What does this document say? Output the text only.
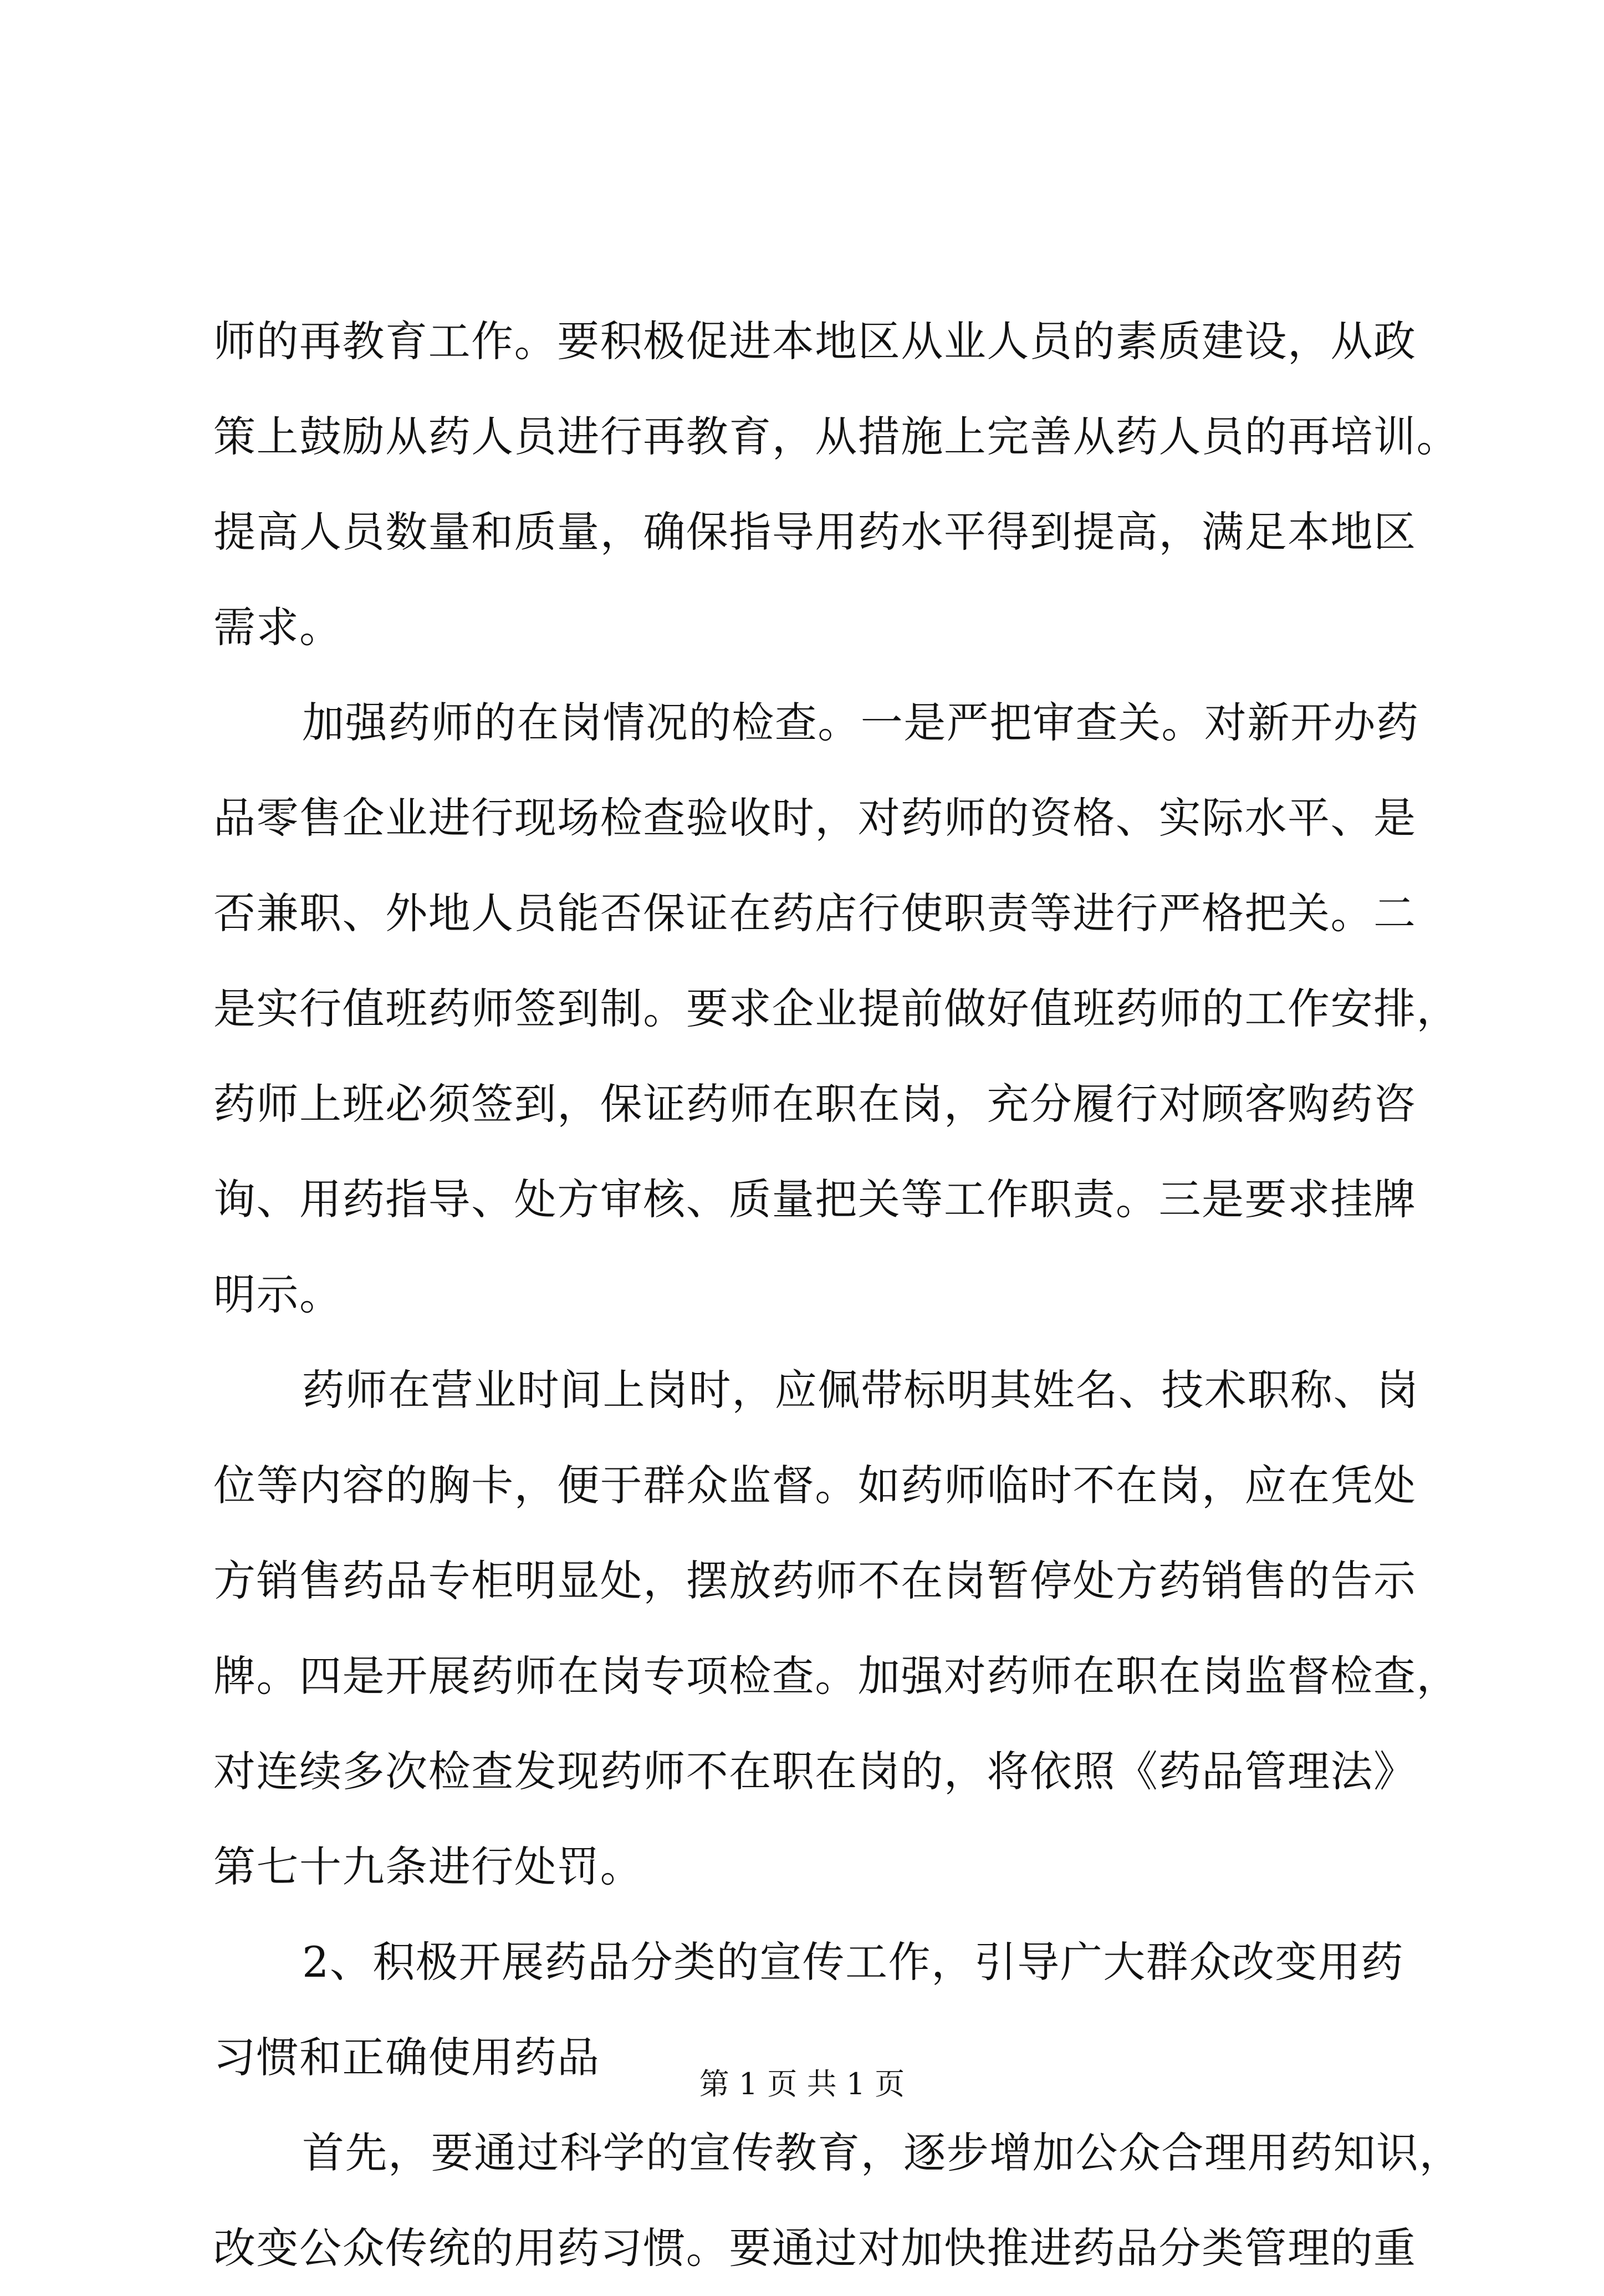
师的再教育工作。要积极促进本地区从业人员的素质建设，从政
策上鼓励从药人员进行再教育，从措施上完善从药人员的再培训。
提高人员数量和质量，确保指导用药水平得到提高，满足本地区
需求。
加强药师的在岗情况的检查。一是严把审查关。对新开办药
品零售企业进行现场检查验收时，对药师的资格、实际水平、是
否兼职、外地人员能否保证在药店行使职责等进行严格把关。二
是实行值班药师签到制。要求企业提前做好值班药师的工作安排，
药师上班必须签到，保证药师在职在岗，充分履行对顾客购药咨
询、用药指导、处方审核、质量把关等工作职责。三是要求挂牌
明示。
药师在营业时间上岗时，应佩带标明其姓名、技术职称、岗
位等内容的胸卡，便于群众监督。如药师临时不在岗，应在凭处
方销售药品专柜明显处，摆放药师不在岗暂停处方药销售的告示
牌。四是开展药师在岗专项检查。加强对药师在职在岗监督检查，
对连续多次检查发现药师不在职在岗的，将依照《药品管理法》
第七十九条进行处罚。
2、积极开展药品分类的宣传工作，引导广大群众改变用药
习惯和正确使用药品
首先，要通过科学的宣传教育，逐步增加公众合理用药知识，
改变公众传统的用药习惯。要通过对加快推进药品分类管理的重
第 1 页 共 1 页
